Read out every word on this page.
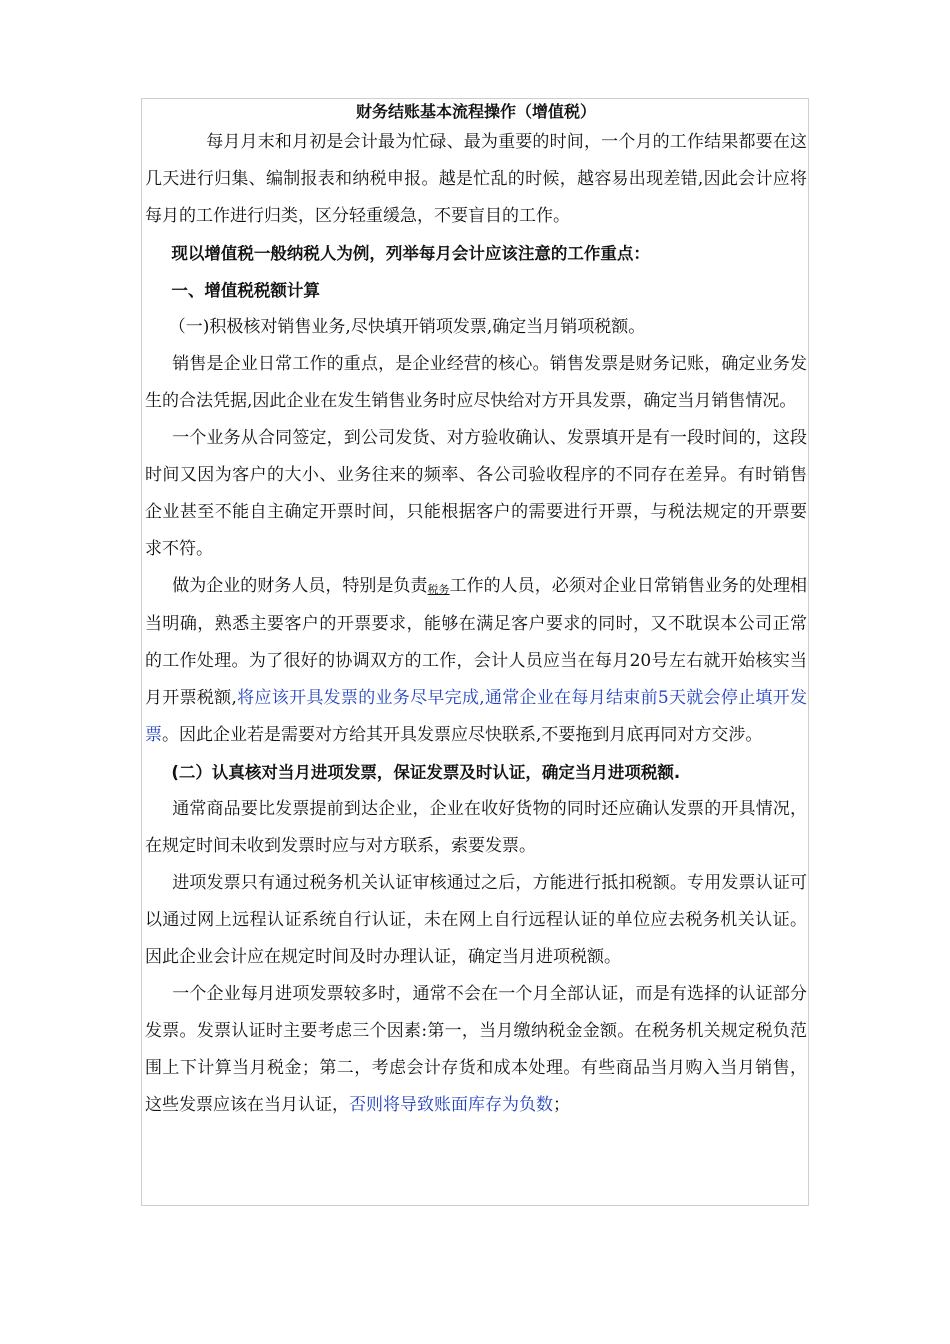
财务结账基本流程操作（增值税）

每月月末和月初是会计最为忙碌、最为重要的时间，一个月的工作结果都要在这几天进行归集、编制报表和纳税申报。越是忙乱的时候，越容易出现差错,因此会计应将每月的工作进行归类，区分轻重缓急，不要盲目的工作。

现以增值税一般纳税人为例，列举每月会计应该注意的工作重点：

一、增值税税额计算

（一)积极核对销售业务,尽快填开销项发票,确定当月销项税额。

销售是企业日常工作的重点，是企业经营的核心。销售发票是财务记账，确定业务发生的合法凭据,因此企业在发生销售业务时应尽快给对方开具发票，确定当月销售情况。

一个业务从合同签定，到公司发货、对方验收确认、发票填开是有一段时间的，这段时间又因为客户的大小、业务往来的频率、各公司验收程序的不同存在差异。有时销售企业甚至不能自主确定开票时间，只能根据客户的需要进行开票，与税法规定的开票要求不符。

做为企业的财务人员，特别是负责税务工作的人员，必须对企业日常销售业务的处理相当明确，熟悉主要客户的开票要求，能够在满足客户要求的同时，又不耽误本公司正常的工作处理。为了很好的协调双方的工作，会计人员应当在每月20号左右就开始核实当月开票税额,将应该开具发票的业务尽早完成,通常企业在每月结束前5天就会停止填开发票。因此企业若是需要对方给其开具发票应尽快联系,不要拖到月底再同对方交涉。

(二）认真核对当月进项发票，保证发票及时认证，确定当月进项税额.

通常商品要比发票提前到达企业，企业在收好货物的同时还应确认发票的开具情况，在规定时间未收到发票时应与对方联系，索要发票。

进项发票只有通过税务机关认证审核通过之后，方能进行抵扣税额。专用发票认证可以通过网上远程认证系统自行认证，未在网上自行远程认证的单位应去税务机关认证。因此企业会计应在规定时间及时办理认证，确定当月进项税额。

一个企业每月进项发票较多时，通常不会在一个月全部认证，而是有选择的认证部分发票。发票认证时主要考虑三个因素:第一，当月缴纳税金金额。在税务机关规定税负范围上下计算当月税金；第二，考虑会计存货和成本处理。有些商品当月购入当月销售，这些发票应该在当月认证，否则将导致账面库存为负数；
